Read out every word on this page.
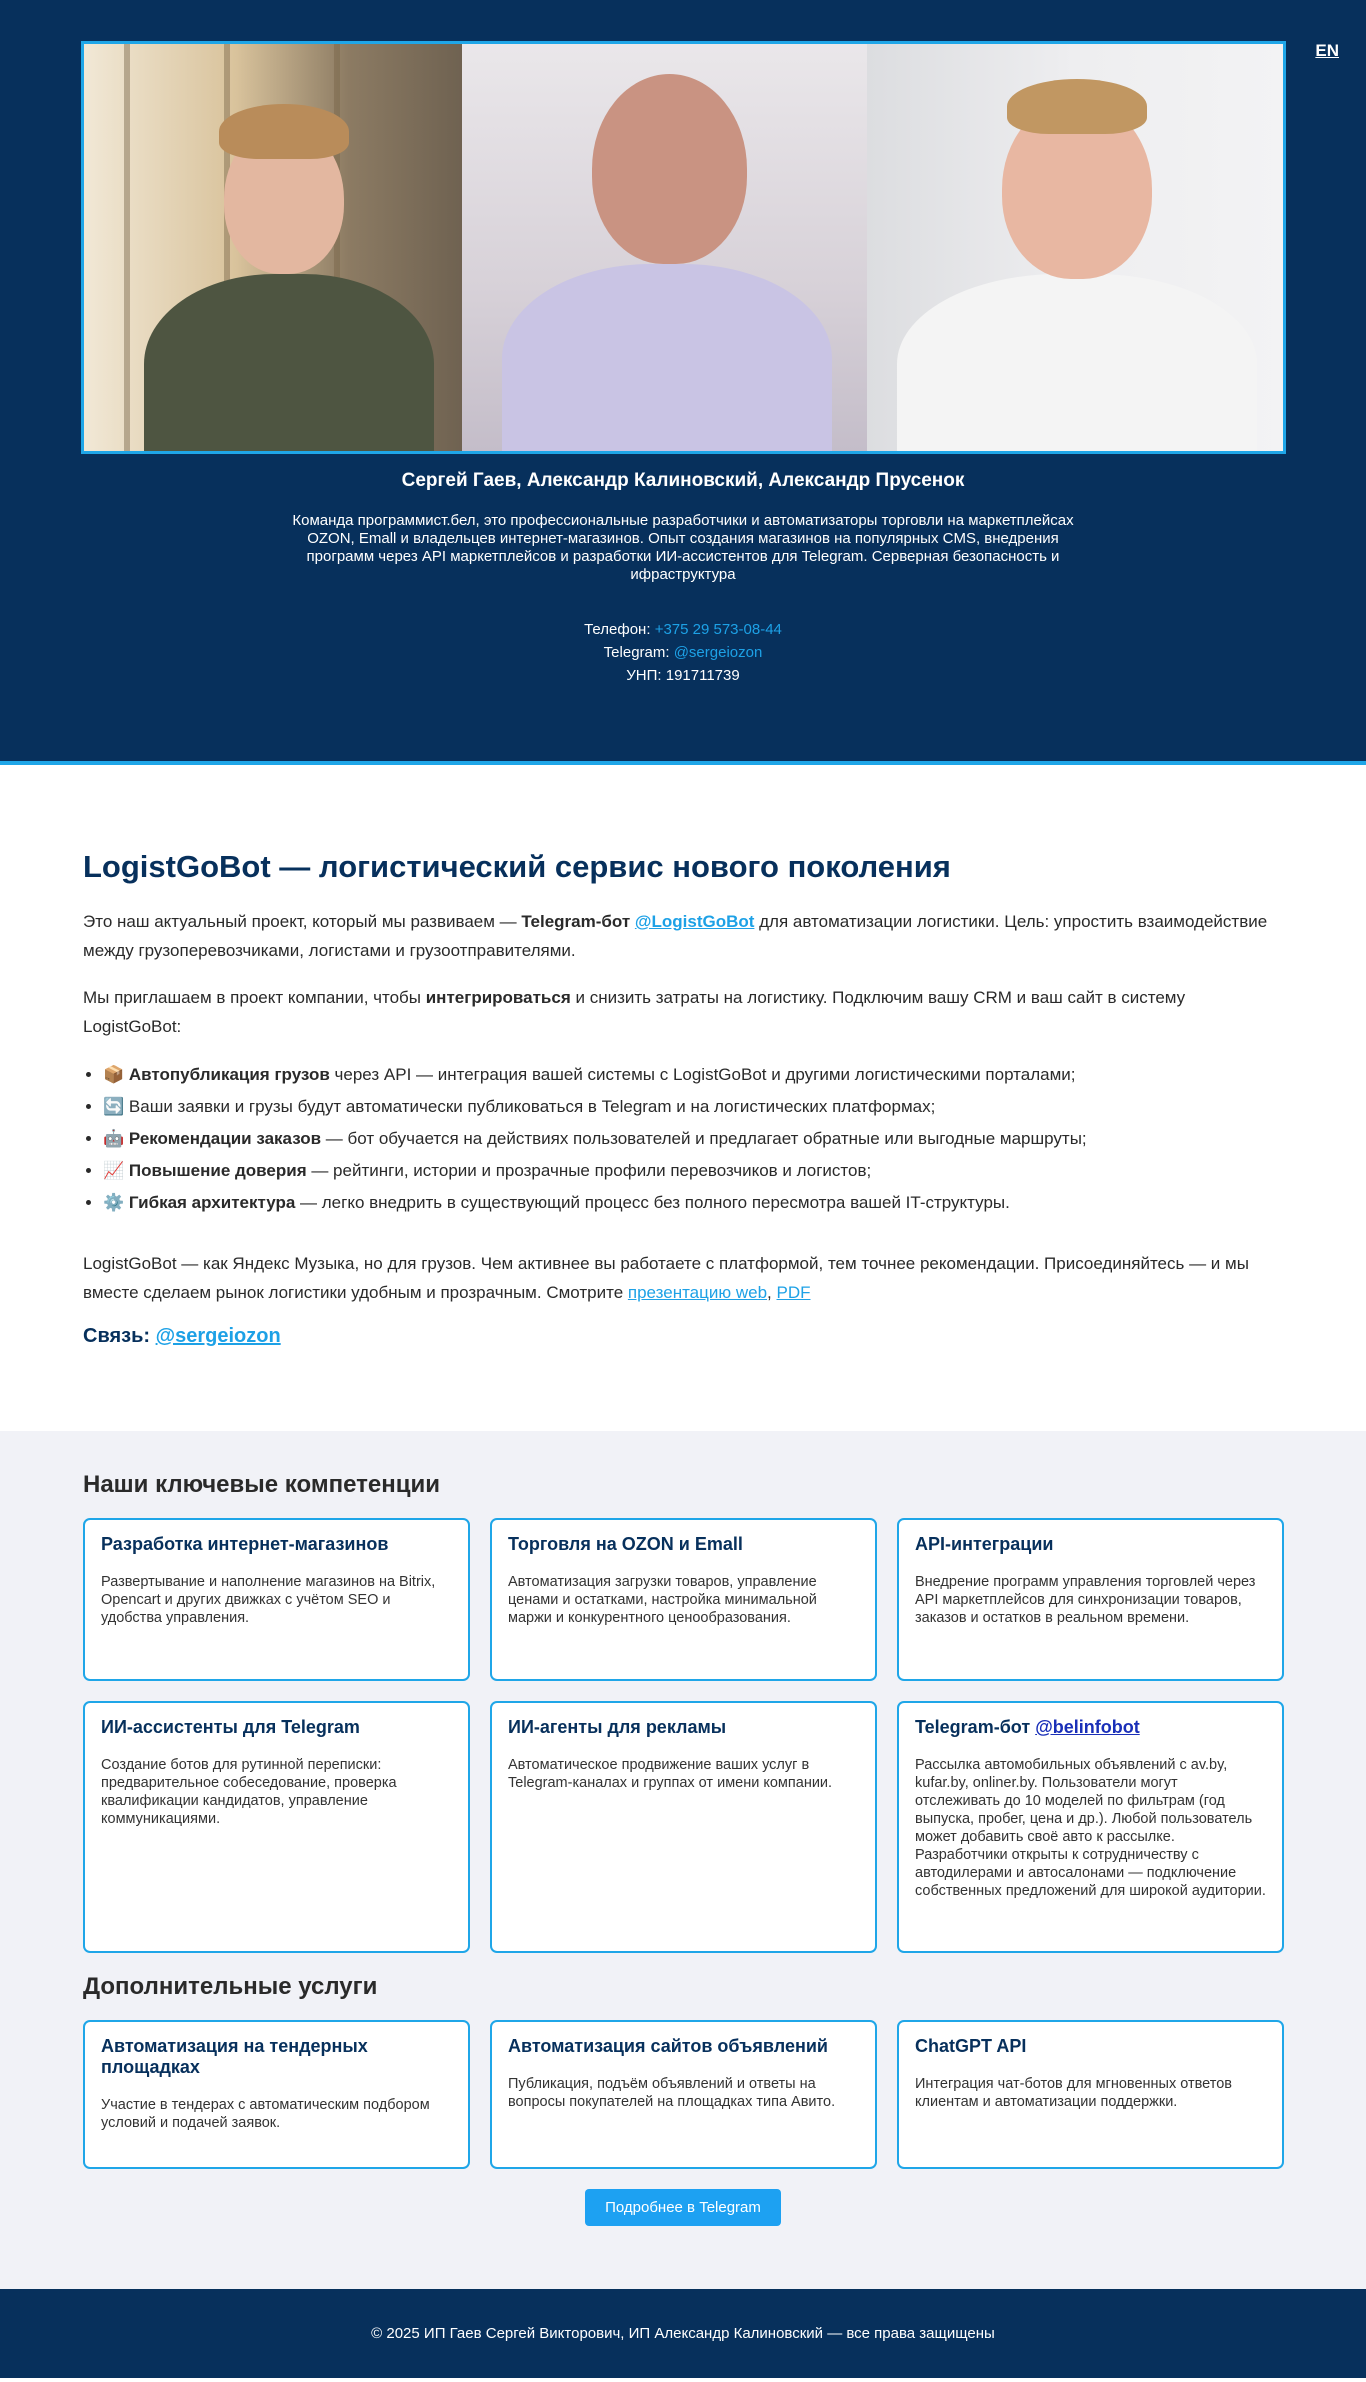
EN
Сергей Гаев, Александр Калиновский, Александр Прусенок
Команда программист.бел, это профессиональные разработчики и автоматизаторы торговли на маркетплейсах OZON, Emall и владельцев интернет-магазинов. Опыт создания магазинов на популярных CMS, внедрения программ через API маркетплейсов и разработки ИИ-ассистентов для Telegram. Серверная безопасность и ифраструктура
Телефон: +375 29 573-08-44
Telegram: @sergeiozon
УНП: 191711739
LogistGoBot — логистический сервис нового поколения

Это наш актуальный проект, который мы развиваем — Telegram-бот @LogistGoBot для автоматизации логистики. Цель: упростить взаимодействие между грузоперевозчиками, логистами и грузоотправителями.

Мы приглашаем в проект компании, чтобы интегрироваться и снизить затраты на логистику. Подключим вашу CRM и ваш сайт в систему LogistGoBot:

• 📦 Автопубликация грузов через API — интеграция вашей системы с LogistGoBot и другими логистическими порталами;
• 🔄 Ваши заявки и грузы будут автоматически публиковаться в Telegram и на логистических платформах;
• 🤖 Рекомендации заказов — бот обучается на действиях пользователей и предлагает обратные или выгодные маршруты;
• 📈 Повышение доверия — рейтинги, истории и прозрачные профили перевозчиков и логистов;
• ⚙️ Гибкая архитектура — легко внедрить в существующий процесс без полного пересмотра вашей IT-структуры.

LogistGoBot — как Яндекс Музыка, но для грузов. Чем активнее вы работаете с платформой, тем точнее рекомендации. Присоединяйтесь — и мы вместе сделаем рынок логистики удобным и прозрачным. Смотрите презентацию web, PDF

Связь: @sergeiozon
Наши ключевые компетенции
Разработка интернет-магазинов

Развертывание и наполнение магазинов на Bitrix, Opencart и других движках с учётом SEO и удобства управления.

Торговля на OZON и Emall

Автоматизация загрузки товаров, управление ценами и остатками, настройка минимальной маржи и конкурентного ценообразования.

API-интеграции

Внедрение программ управления торговлей через API маркетплейсов для синхронизации товаров, заказов и остатков в реальном времени.

ИИ-ассистенты для Telegram

Создание ботов для рутинной переписки: предварительное собеседование, проверка квалификации кандидатов, управление коммуникациями.

ИИ-агенты для рекламы

Автоматическое продвижение ваших услуг в Telegram-каналах и группах от имени компании.

Telegram-бот @belinfobot

Рассылка автомобильных объявлений с av.by, kufar.by, onliner.by. Пользователи могут отслеживать до 10 моделей по фильтрам (год выпуска, пробег, цена и др.). Любой пользователь может добавить своё авто к рассылке. Разработчики открыты к сотрудничеству с автодилерами и автосалонами — подключение собственных предложений для широкой аудитории.

Дополнительные услуги
Автоматизация на тендерных площадках

Участие в тендерах с автоматическим подбором условий и подачей заявок.

Автоматизация сайтов объявлений

Публикация, подъём объявлений и ответы на вопросы покупателей на площадках типа Авито.

ChatGPT API

Интеграция чат-ботов для мгновенных ответов клиентам и автоматизации поддержки.

Подробнее в Telegram
© 2025 ИП Гаев Сергей Викторович, ИП Александр Калиновский — все права защищены
